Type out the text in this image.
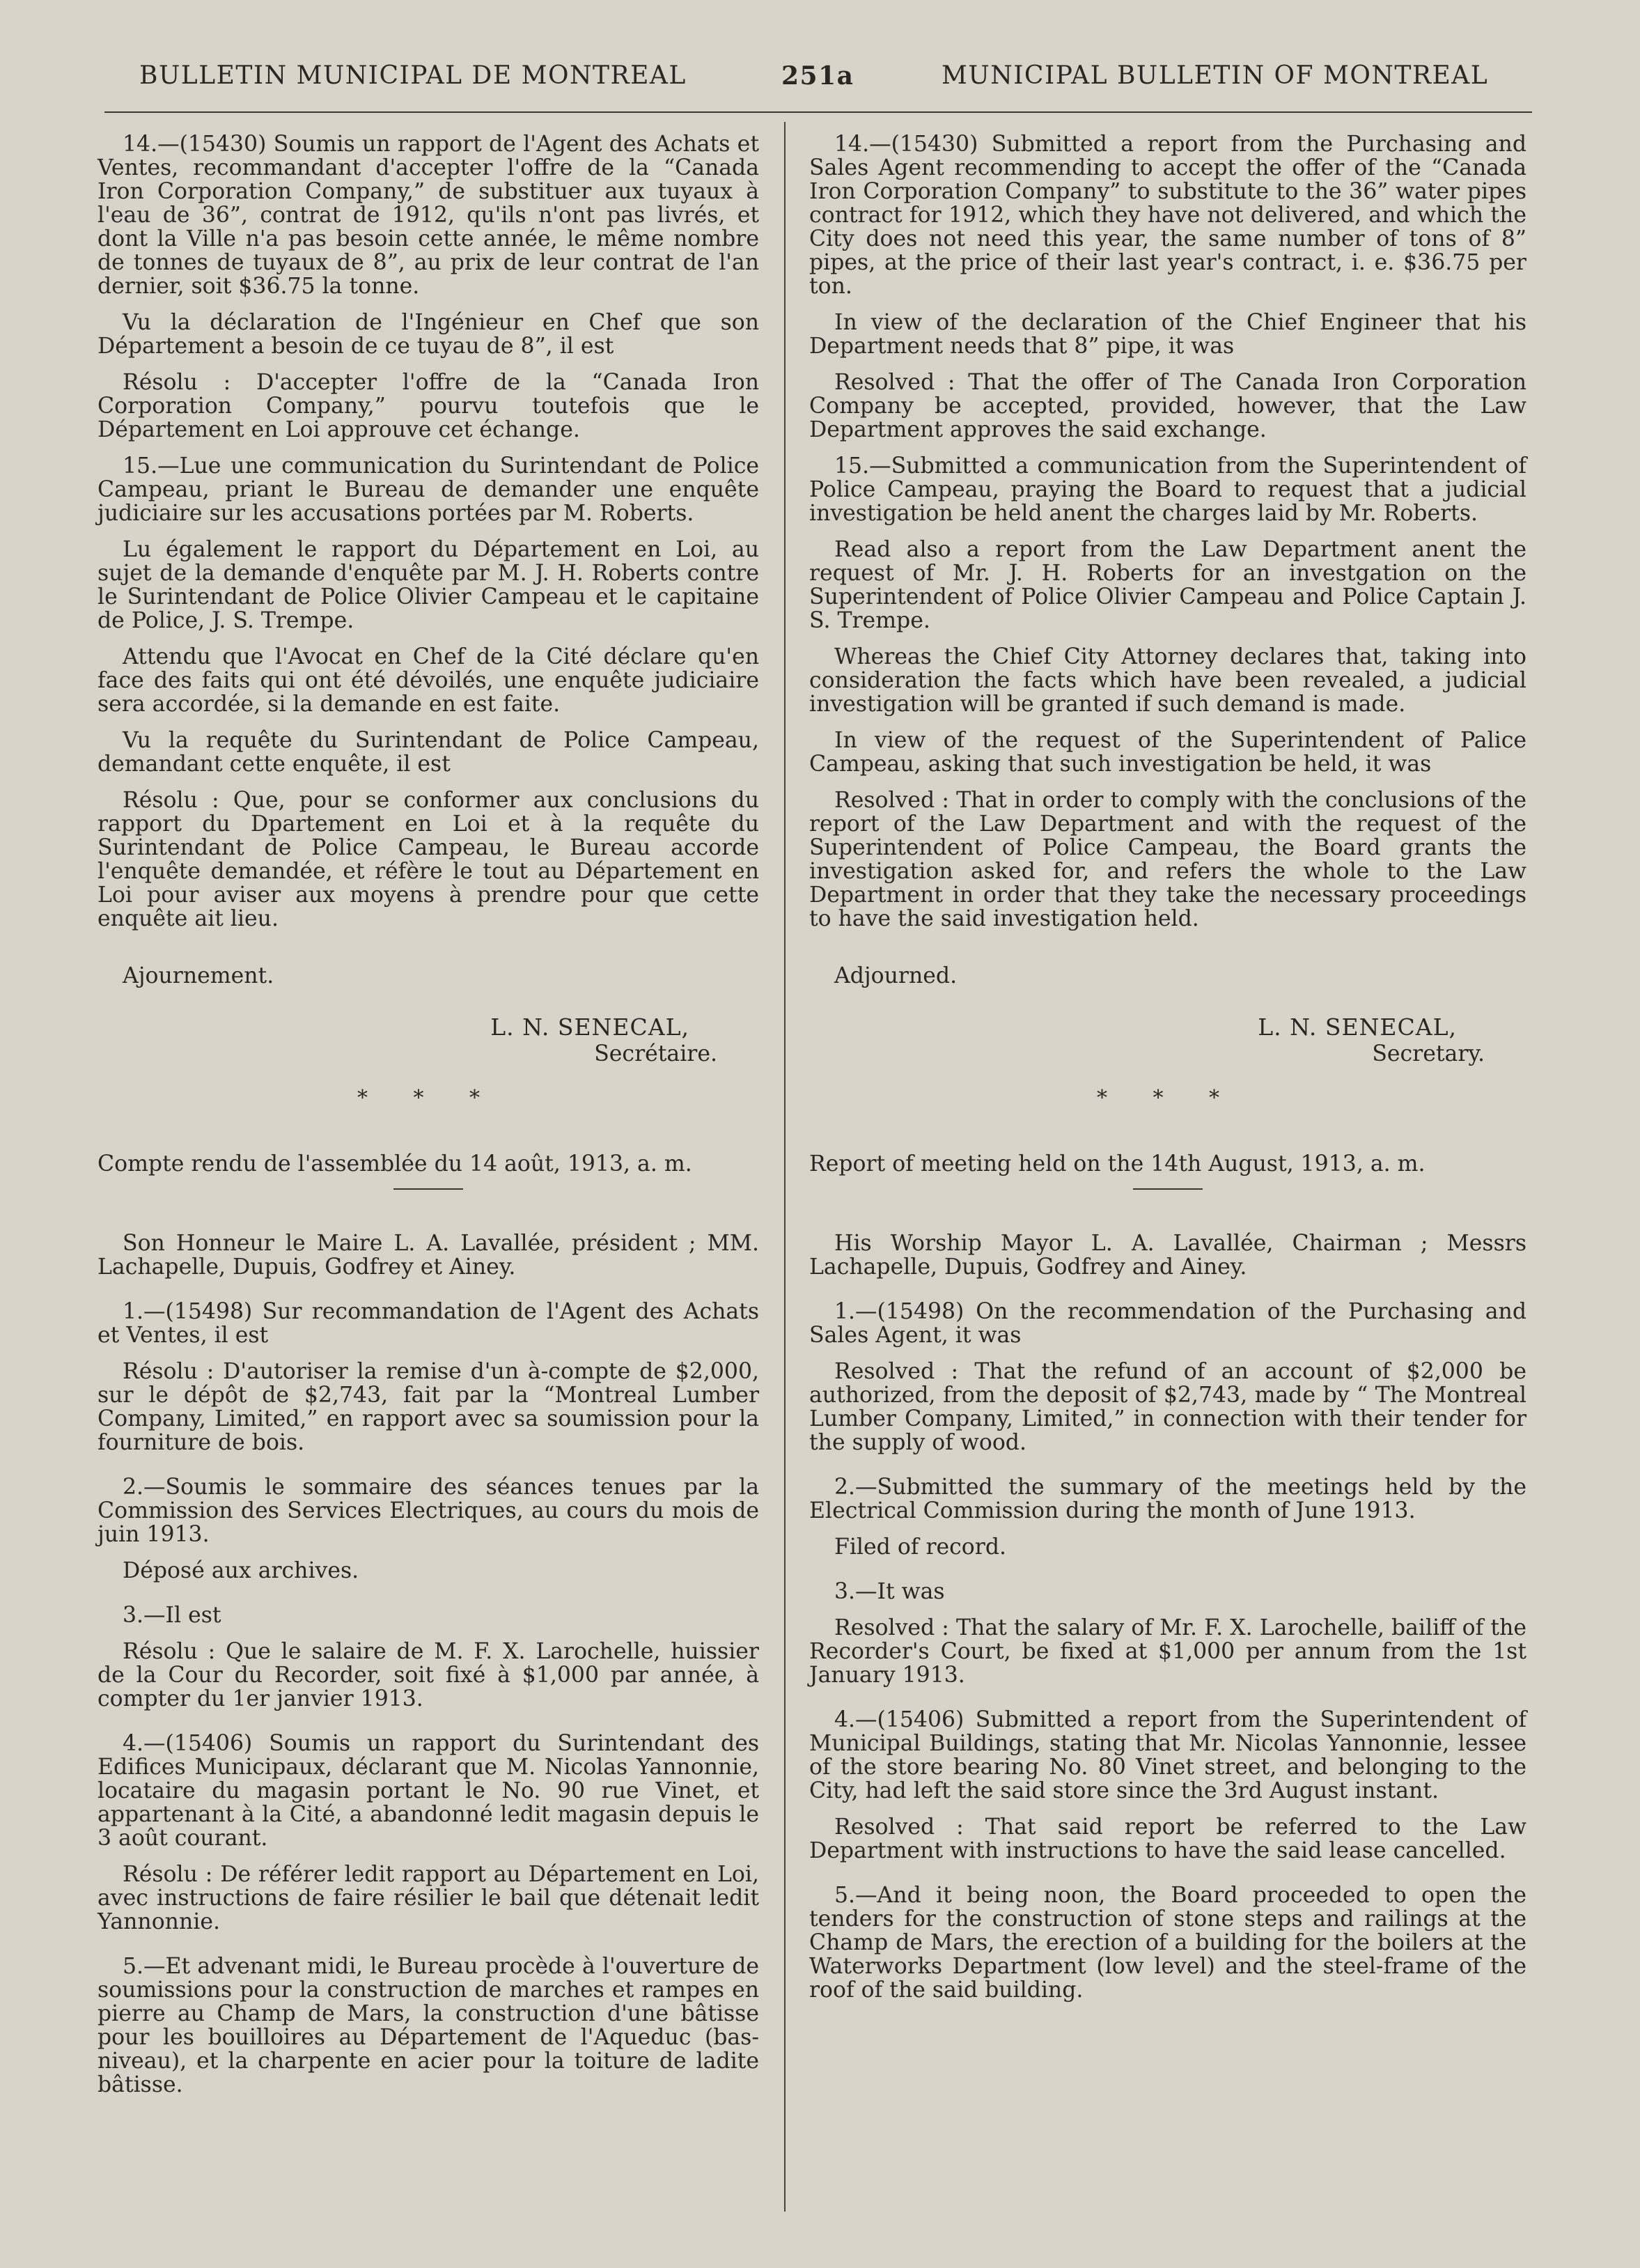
BULLETIN MUNICIPAL DE MONTREAL	251a	MUNICIPAL BULLETIN OF MONTREAL

14.—(15430) Soumis un rapport de l'Agent des Achats et Ventes, recommandant d'accepter l'offre de la “Canada Iron Corporation Company,” de substituer aux tuyaux à l'eau de 36”, contrat de 1912, qu'ils n'ont pas livrés, et dont la Ville n'a pas besoin cette année, le même nombre de tonnes de tuyaux de 8”, au prix de leur contrat de l'an dernier, soit $36.75 la tonne.

Vu la déclaration de l'Ingénieur en Chef que son Département a besoin de ce tuyau de 8”, il est

Résolu : D'accepter l'offre de la “Canada Iron Corporation Company,” pourvu toutefois que le Département en Loi approuve cet échange.

15.—Lue une communication du Surintendant de Police Campeau, priant le Bureau de demander une enquête judiciaire sur les accusations portées par M. Roberts.

Lu également le rapport du Département en Loi, au sujet de la demande d'enquête par M. J. H. Roberts contre le Surintendant de Police Olivier Campeau et le capitaine de Police, J. S. Trempe.

Attendu que l'Avocat en Chef de la Cité déclare qu'en face des faits qui ont été dévoilés, une enquête judiciaire sera accordée, si la demande en est faite.

Vu la requête du Surintendant de Police Campeau, demandant cette enquête, il est

Résolu : Que, pour se conformer aux conclusions du rapport du Dpartement en Loi et à la requête du Surintendant de Police Campeau, le Bureau accorde l'enquête demandée, et réfère le tout au Département en Loi pour aviser aux moyens à prendre pour que cette enquête ait lieu.

Ajournement.

L. N. SENECAL,
Secrétaire.
* * *

Compte rendu de l'assemblée du 14 août, 1913, a. m.

Son Honneur le Maire L. A. Lavallée, président ; MM. Lachapelle, Dupuis, Godfrey et Ainey.

1.—(15498) Sur recommandation de l'Agent des Achats et Ventes, il est

Résolu : D'autoriser la remise d'un à-compte de $2,000, sur le dépôt de $2,743, fait par la “Montreal Lumber Company, Limited,” en rapport avec sa soumission pour la fourniture de bois.

2.—Soumis le sommaire des séances tenues par la Commission des Services Electriques, au cours du mois de juin 1913.

Déposé aux archives.

3.—Il est

Résolu : Que le salaire de M. F. X. Larochelle, huissier de la Cour du Recorder, soit fixé à $1,000 par année, à compter du 1er janvier 1913.

4.—(15406) Soumis un rapport du Surintendant des Edifices Municipaux, déclarant que M. Nicolas Yannonnie, locataire du magasin portant le No. 90 rue Vinet, et appartenant à la Cité, a abandonné ledit magasin depuis le 3 août courant.

Résolu : De référer ledit rapport au Département en Loi, avec instructions de faire résilier le bail que détenait ledit Yannonnie.

5.—Et advenant midi, le Bureau procède à l'ouverture de soumissions pour la construction de marches et rampes en pierre au Champ de Mars, la construction d'une bâtisse pour les bouilloires au Département de l'Aqueduc (bas-niveau), et la charpente en acier pour la toiture de ladite bâtisse.

14.—(15430) Submitted a report from the Purchasing and Sales Agent recommending to accept the offer of the “Canada Iron Corporation Company” to substitute to the 36” water pipes contract for 1912, which they have not delivered, and which the City does not need this year, the same number of tons of 8” pipes, at the price of their last year's contract, i. e. $36.75 per ton.

In view of the declaration of the Chief Engineer that his Department needs that 8” pipe, it was

Resolved : That the offer of The Canada Iron Corporation Company be accepted, provided, however, that the Law Department approves the said exchange.

15.—Submitted a communication from the Superintendent of Police Campeau, praying the Board to request that a judicial investigation be held anent the charges laid by Mr. Roberts.

Read also a report from the Law Department anent the request of Mr. J. H. Roberts for an investgation on the Superintendent of Police Olivier Campeau and Police Captain J. S. Trempe.

Whereas the Chief City Attorney declares that, taking into consideration the facts which have been revealed, a judicial investigation will be granted if such demand is made.

In view of the request of the Superintendent of Palice Campeau, asking that such investigation be held, it was

Resolved : That in order to comply with the conclusions of the report of the Law Department and with the request of the Superintendent of Police Campeau, the Board grants the investigation asked for, and refers the whole to the Law Department in order that they take the necessary proceedings to have the said investigation held.

Adjourned.

L. N. SENECAL,
Secretary.
* * *

Report of meeting held on the 14th August, 1913, a. m.

His Worship Mayor L. A. Lavallée, Chairman ; Messrs Lachapelle, Dupuis, Godfrey and Ainey.

1.—(15498) On the recommendation of the Purchasing and Sales Agent, it was

Resolved : That the refund of an account of $2,000 be authorized, from the deposit of $2,743, made by “ The Montreal Lumber Company, Limited,” in connection with their tender for the supply of wood.

2.—Submitted the summary of the meetings held by the Electrical Commission during the month of June 1913.

Filed of record.

3.—It was

Resolved : That the salary of Mr. F. X. Larochelle, bailiff of the Recorder's Court, be fixed at $1,000 per annum from the 1st January 1913.

4.—(15406) Submitted a report from the Superintendent of Municipal Buildings, stating that Mr. Nicolas Yannonnie, lessee of the store bearing No. 80 Vinet street, and belonging to the City, had left the said store since the 3rd August instant.

Resolved : That said report be referred to the Law Department with instructions to have the said lease cancelled.

5.—And it being noon, the Board proceeded to open the tenders for the construction of stone steps and railings at the Champ de Mars, the erection of a building for the boilers at the Waterworks Department (low level) and the steel-frame of the roof of the said building.
